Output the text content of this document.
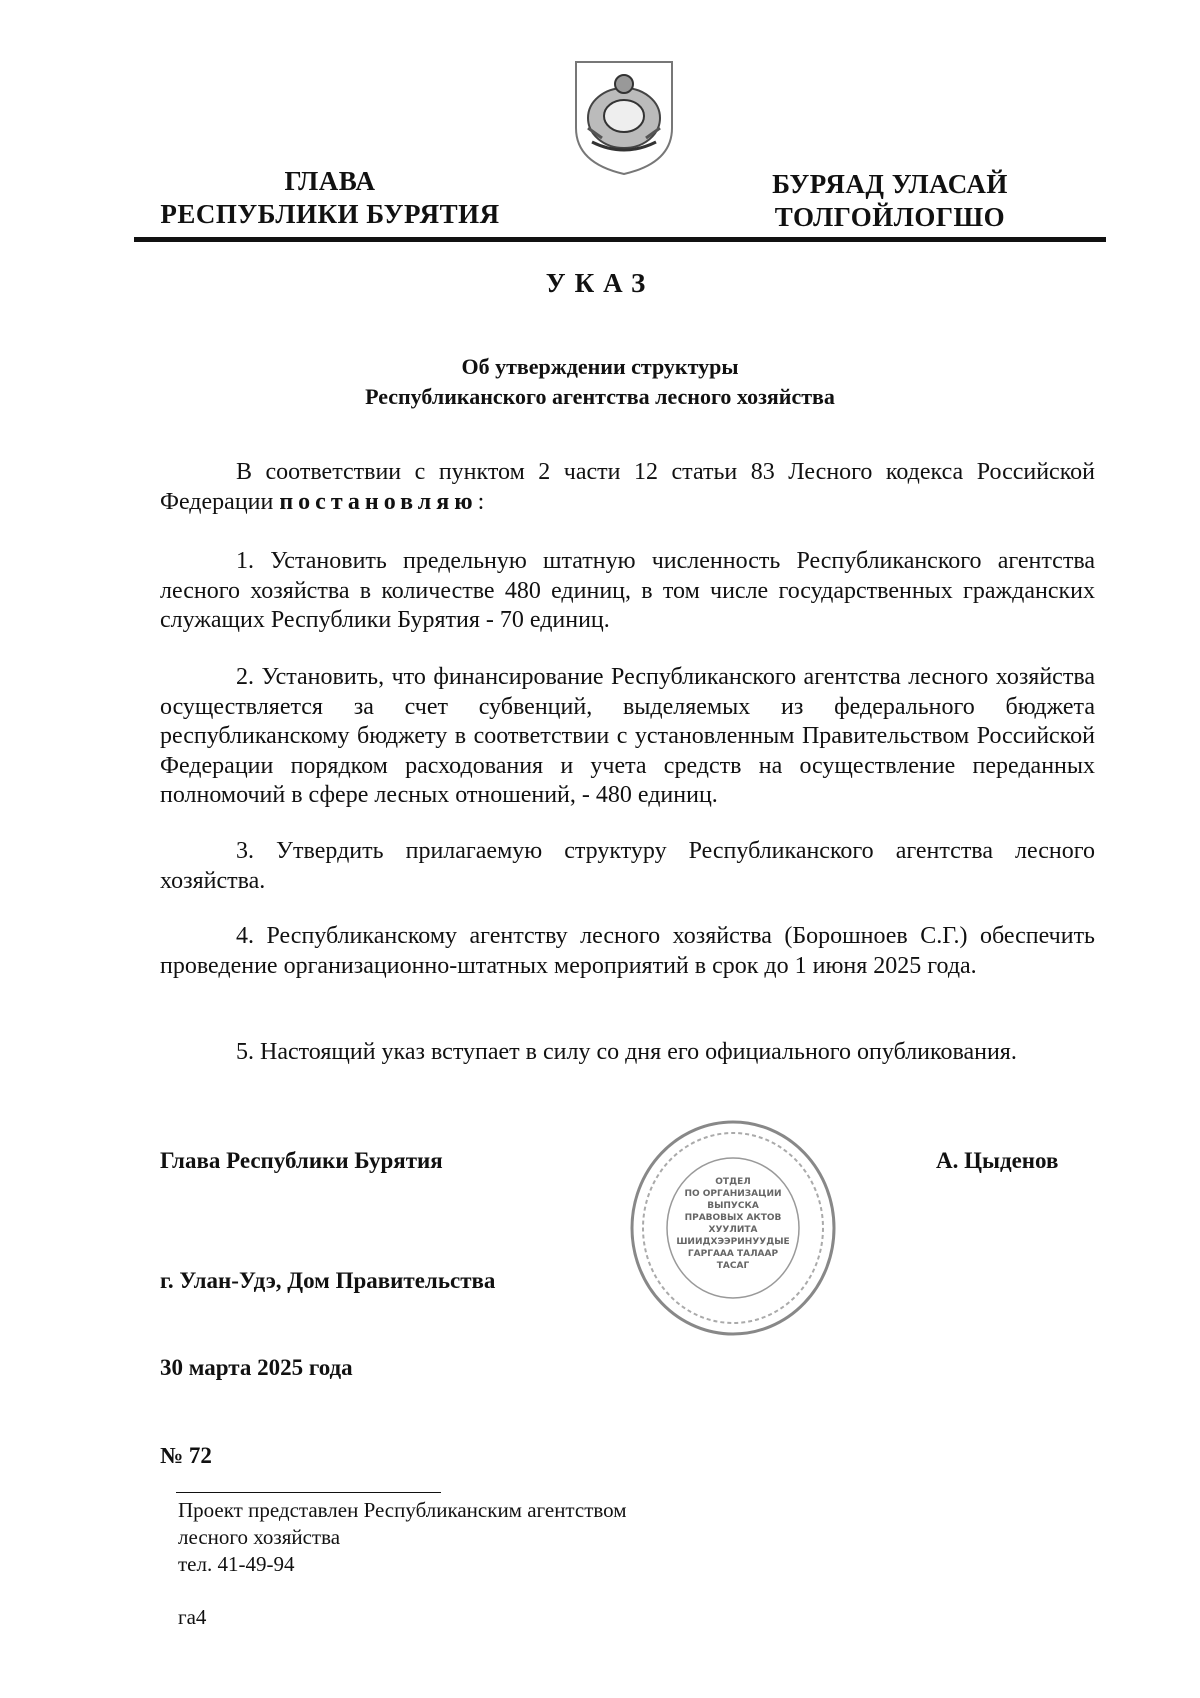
ГЛАВА
РЕСПУБЛИКИ БУРЯТИЯ
БУРЯАД УЛАСАЙ
ТОЛГОЙЛОГШО
УКАЗ
Об утверждении структуры
Республиканского агентства лесного хозяйства

В соответствии с пунктом 2 части 12 статьи 83 Лесного кодекса Российской Федерации постановляю:

1. Установить предельную штатную численность Республиканского агентства лесного хозяйства в количестве 480 единиц, в том числе государственных гражданских служащих Республики Бурятия - 70 единиц.

2. Установить, что финансирование Республиканского агентства лесного хозяйства осуществляется за счет субвенций, выделяемых из федерального бюджета республиканскому бюджету в соответствии с установленным Правительством Российской Федерации порядком расходования и учета средств на осуществление переданных полномочий в сфере лесных отношений, - 480 единиц.

3. Утвердить прилагаемую структуру Республиканского агентства лесного хозяйства.

4. Республиканскому агентству лесного хозяйства (Борошноев С.Г.) обеспечить проведение организационно-штатных мероприятий в срок до 1 июня 2025 года.

5. Настоящий указ вступает в силу со дня его официального опубликования.

Глава Республики Бурятия	А. Цыденов
ОТДЕЛ
ПО ОРГАНИЗАЦИИ
ВЫПУСКА
ПРАВОВЫХ АКТОВ
ХУУЛИТА
ШИИДХЭЭРИНУУДЫЕ
ГАРГААА ТАЛААР
ТАСАГ
г. Улан-Удэ, Дом Правительства
30 марта 2025 года
№ 72
Проект представлен Республиканским агентством
лесного хозяйства
тел. 41-49-94
га4
